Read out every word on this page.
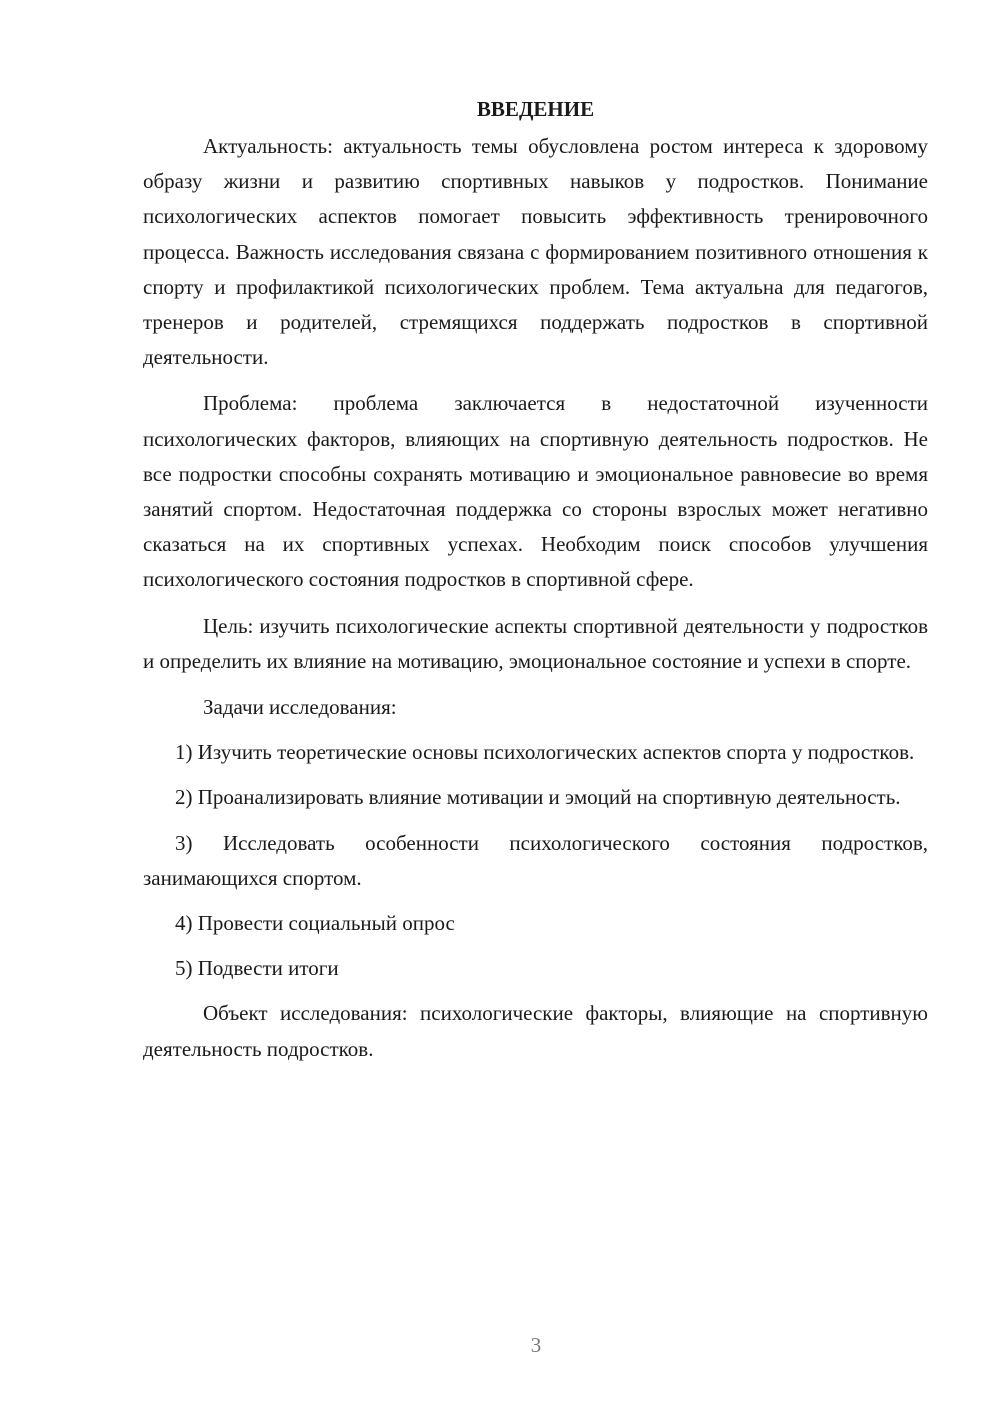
ВВЕДЕНИЕ

Актуальность: актуальность темы обусловлена ростом интереса к здоровому образу жизни и развитию спортивных навыков у подростков. Понимание психологических аспектов помогает повысить эффективность тренировочного процесса. Важность исследования связана с формированием позитивного отношения к спорту и профилактикой психологических проблем. Тема актуальна для педагогов, тренеров и родителей, стремящихся поддержать подростков в спортивной деятельности.

Проблема: проблема заключается в недостаточной изученности психологических факторов, влияющих на спортивную деятельность подростков. Не все подростки способны сохранять мотивацию и эмоциональное равновесие во время занятий спортом. Недостаточная поддержка со стороны взрослых может негативно сказаться на их спортивных успехах. Необходим поиск способов улучшения психологического состояния подростков в спортивной сфере.

Цель: изучить психологические аспекты спортивной деятельности у подростков и определить их влияние на мотивацию, эмоциональное состояние и успехи в спорте.

Задачи исследования:

1) Изучить теоретические основы психологических аспектов спорта у подростков.

2) Проанализировать влияние мотивации и эмоций на спортивную деятельность.

3) Исследовать особенности психологического состояния подростков, занимающихся спортом.

4) Провести социальный опрос

5) Подвести итоги

Объект исследования: психологические факторы, влияющие на спортивную деятельность подростков.

3
